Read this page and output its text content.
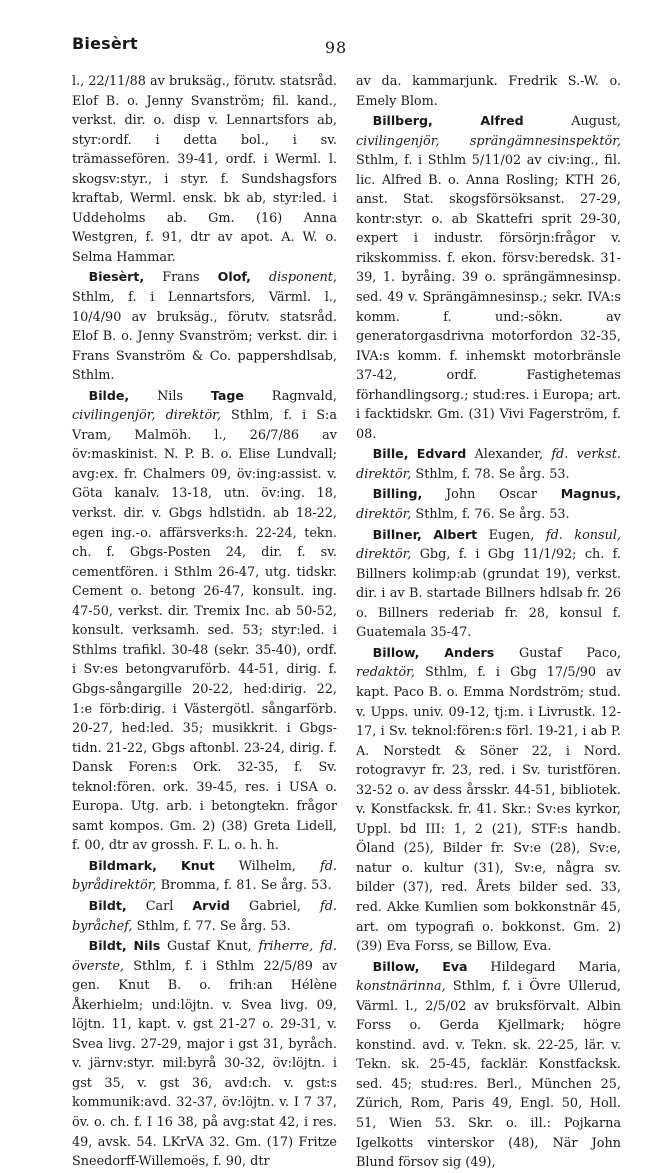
Biesèrt	98

l., 22/11/88 av bruksäg., förutv. statsråd. Elof B. o. Jenny Svanström; fil. kand., verkst. dir. o. disp v. Lennartsfors ab, styr:ordf. i detta bol., i sv. trämassefören. 39-41, ordf. i Werml. l. skogsv:styr., i styr. f. Sundshagsfors kraftab, Werml. ensk. bk ab, styr:led. i Uddeholms ab. Gm. (16) Anna Westgren, f. 91, dtr av apot. A. W. o. Selma Hammar.

Biesèrt, Frans Olof, disponent, Sthlm, f. i Lennartsfors, Värml. l., 10/4/90 av bruksäg., förutv. statsråd. Elof B. o. Jenny Svanström; verkst. dir. i Frans Svanström & Co. pappershdlsab, Sthlm.

Bilde, Nils Tage Ragnvald, civilingenjör, direktör, Sthlm, f. i S:a Vram, Malmöh. l., 26/7/86 av öv:maskinist. N. P. B. o. Elise Lundvall; avg:ex. fr. Chalmers 09, öv:ing:assist. v. Göta kanalv. 13-18, utn. öv:ing. 18, verkst. dir. v. Gbgs hdlstidn. ab 18-22, egen ing.-o. affärsverks:h. 22-24, tekn. ch. f. Gbgs-Posten 24, dir. f. sv. cementfören. i Sthlm 26-47, utg. tidskr. Cement o. betong 26-47, konsult. ing. 47-50, verkst. dir. Tremix Inc. ab 50-52, konsult. verksamh. sed. 53; styr:led. i Sthlms trafikl. 30-48 (sekr. 35-40), ordf. i Sv:es betongvaruförb. 44-51, dirig. f. Gbgs-sångargille 20-22, hed:dirig. 22, 1:e förb:dirig. i Västergötl. sångarförb. 20-27, hed:led. 35; musikkrit. i Gbgs-tidn. 21-22, Gbgs aftonbl. 23-24, dirig. f. Dansk Foren:s Ork. 32-35, f. Sv. teknol:fören. ork. 39-45, res. i USA o. Europa. Utg. arb. i betongtekn. frågor samt kompos. Gm. 2) (38) Greta Lidell, f. 00, dtr av grossh. F. L. o. h. h.

Bildmark, Knut Wilhelm, fd. byrådirektör, Bromma, f. 81. Se årg. 53.

Bildt, Carl Arvid Gabriel, fd. byråchef, Sthlm, f. 77. Se årg. 53.

Bildt, Nils Gustaf Knut, friherre, fd. överste, Sthlm, f. i Sthlm 22/5/89 av gen. Knut B. o. frih:an Hélène Åkerhielm; und:löjtn. v. Svea livg. 09, löjtn. 11, kapt. v. gst 21-27 o. 29-31, v. Svea livg. 27-29, major i gst 31, byråch. v. järnv:styr. mil:byrå 30-32, öv:löjtn. i gst 35, v. gst 36, avd:ch. v. gst:s kommunik:avd. 32-37, öv:löjtn. v. I 7 37, öv. o. ch. f. I 16 38, på avg:stat 42, i res. 49, avsk. 54. LKrVA 32. Gm. (17) Fritze Sneedorff-Willemoës, f. 90, dtr

av da. kammarjunk. Fredrik S.-W. o. Emely Blom.

Billberg,	Alfred August, civilingenjör, sprängämnesinspektör, Sthlm, f. i Sthlm 5/11/02 av civ:ing., fil. lic. Alfred B. o. Anna Rosling; KTH 26, anst. Stat. skogsförsöksanst. 27-29, kontr:styr. o. ab Skattefri sprit 29-30, expert i industr. försörjn:frågor v. rikskommiss. f. ekon. försv:beredsk. 31-39, 1. byråing. 39 o. sprängämnesinsp. sed. 49 v. Sprängämnesinsp.; sekr. IVA:s komm. f. und:-sökn. av generatorgasdrivna motorfordon 32-35, IVA:s komm. f. inhemskt motorbränsle 37-42, ordf. Fastighetemas förhandlingsorg.; stud:res. i Europa; art. i facktidskr. Gm. (31) Vivi Fagerström, f. 08.

Bille, Edvard Alexander, fd. verkst. direktör, Sthlm, f. 78. Se årg. 53.

Billing, John Oscar Magnus, direktör, Sthlm, f. 76. Se årg. 53.

Billner, Albert Eugen, fd. konsul, direktör, Gbg, f. i Gbg 11/1/92; ch. f. Billners kolimp:ab (grundat 19), verkst. dir. i av B. startade Billners hdlsab fr. 26 o. Billners rederiab fr. 28, konsul f. Guatemala 35-47.

Billow, Anders Gustaf Paco, redaktör, Sthlm, f. i Gbg 17/5/90 av kapt. Paco B. o. Emma Nordström; stud. v. Upps. univ. 09-12, tj:m. i Livrustk. 12-17, i Sv. teknol:fören:s förl. 19-21, i ab P. A. Norstedt & Söner 22, i Nord. rotogravyr fr. 23, red. i Sv. turistfören. 32-52 o. av dess årsskr. 44-51, bibliotek. v. Konstfacksk. fr. 41. Skr.: Sv:es kyrkor, Uppl. bd III: 1, 2 (21), STF:s handb. Öland (25), Bilder fr. Sv:e (28), Sv:e, natur o. kultur (31), Sv:e, några sv. bilder (37), red. Årets bilder sed. 33, red. Akke Kumlien som bokkonstnär 45, art. om typografi o. bokkonst. Gm. 2) (39) Eva Forss, se Billow, Eva.

Billow, Eva Hildegard Maria, konstnärinna, Sthlm, f. i Övre Ullerud, Värml. l., 2/5/02 av bruksförvalt. Albin Forss o. Gerda Kjellmark; högre konstind. avd. v. Tekn. sk. 22-25, lär. v. Tekn. sk. 25-45, facklär. Konstfacksk. sed. 45; stud:res. Berl., München 25, Zürich, Rom, Paris 49, Engl. 50, Holl. 51, Wien 53. Skr. o. ill.: Pojkarna Igelkotts vinterskor (48), När John Blund försov sig (49),
